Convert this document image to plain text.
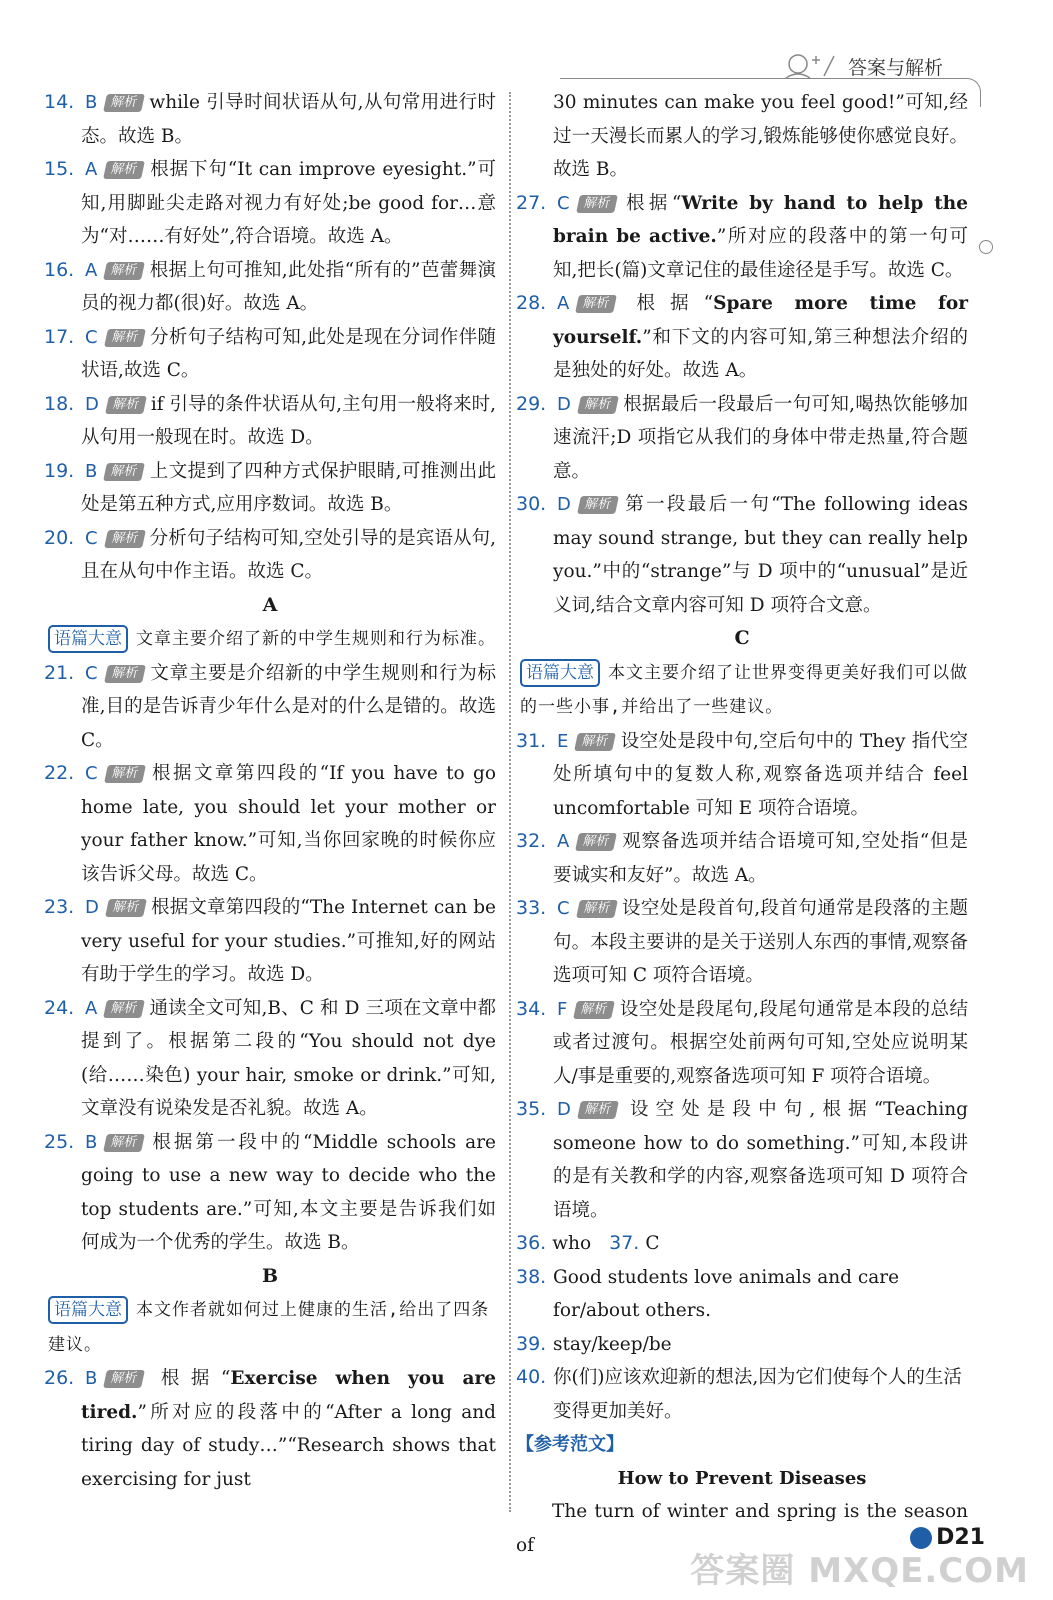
答案与解析
14. B 解析 while 引导时间状语从句,从句常用进行时态。故选 B。
15. A 解析 根据下句“It can improve eyesight.”可知,用脚趾尖走路对视力有好处;be good for…意为“对……有好处”,符合语境。故选 A。
16. A 解析 根据上句可推知,此处指“所有的”芭蕾舞演员的视力都(很)好。故选 A。
17. C 解析 分析句子结构可知,此处是现在分词作伴随状语,故选 C。
18. D 解析 if 引导的条件状语从句,主句用一般将来时,从句用一般现在时。故选 D。
19. B 解析 上文提到了四种方式保护眼睛,可推测出此处是第五种方式,应用序数词。故选 B。
20. C 解析 分析句子结构可知,空处引导的是宾语从句,且在从句中作主语。故选 C。
A
语篇大意 文章主要介绍了新的中学生规则和行为标准。
21. C 解析 文章主要是介绍新的中学生规则和行为标准,目的是告诉青少年什么是对的什么是错的。故选 C。
22. C 解析 根据文章第四段的“If you have to go home late, you should let your mother or your father know.”可知,当你回家晚的时候你应该告诉父母。故选 C。
23. D 解析 根据文章第四段的“The Internet can be very useful for your studies.”可推知,好的网站有助于学生的学习。故选 D。
24. A 解析 通读全文可知,B、C 和 D 三项在文章中都提到了。根据第二段的“You should not dye (给……染色) your hair, smoke or drink.”可知,文章没有说染发是否礼貌。故选 A。
25. B 解析 根据第一段中的“Middle schools are going to use a new way to decide who the top students are.”可知,本文主要是告诉我们如何成为一个优秀的学生。故选 B。
B
语篇大意 本文作者就如何过上健康的生活,给出了四条建议。
26. B 解析 根据“Exercise when you are tired.”所对应的段落中的“After a long and tiring day of study…”“Research shows that exercising for just
30 minutes can make you feel good!”可知,经过一天漫长而累人的学习,锻炼能够使你感觉良好。故选 B。
27. C 解析 根据“Write by hand to help the brain be active.”所对应的段落中的第一句可知,把长(篇)文章记住的最佳途径是手写。故选 C。
28. A 解析 根据“Spare more time for yourself.”和下文的内容可知,第三种想法介绍的是独处的好处。故选 A。
29. D 解析 根据最后一段最后一句可知,喝热饮能够加速流汗;D 项指它从我们的身体中带走热量,符合题意。
30. D 解析 第一段最后一句“The following ideas may sound strange, but they can really help you.”中的“strange”与 D 项中的“unusual”是近义词,结合文章内容可知 D 项符合文意。
C
语篇大意 本文主要介绍了让世界变得更美好我们可以做的一些小事,并给出了一些建议。
31. E 解析 设空处是段中句,空后句中的 They 指代空处所填句中的复数人称,观察备选项并结合 feel uncomfortable 可知 E 项符合语境。
32. A 解析 观察备选项并结合语境可知,空处指“但是要诚实和友好”。故选 A。
33. C 解析 设空处是段首句,段首句通常是段落的主题句。本段主要讲的是关于送别人东西的事情,观察备选项可知 C 项符合语境。
34. F 解析 设空处是段尾句,段尾句通常是本段的总结或者过渡句。根据空处前两句可知,空处应说明某人/事是重要的,观察备选项可知 F 项符合语境。
35. D 解析 设空处是段中句,根据“Teaching someone how to do something.”可知,本段讲的是有关教和学的内容,观察备选项可知 D 项符合语境。
36. who 37. C
38. Good students love animals and care for/about others.
39. stay/keep/be
40. 你(们)应该欢迎新的想法,因为它们使每个人的生活变得更加美好。
【参考范文】
How to Prevent Diseases
The turn of winter and spring is the season of	D21
答案圈 MXQE.COM
